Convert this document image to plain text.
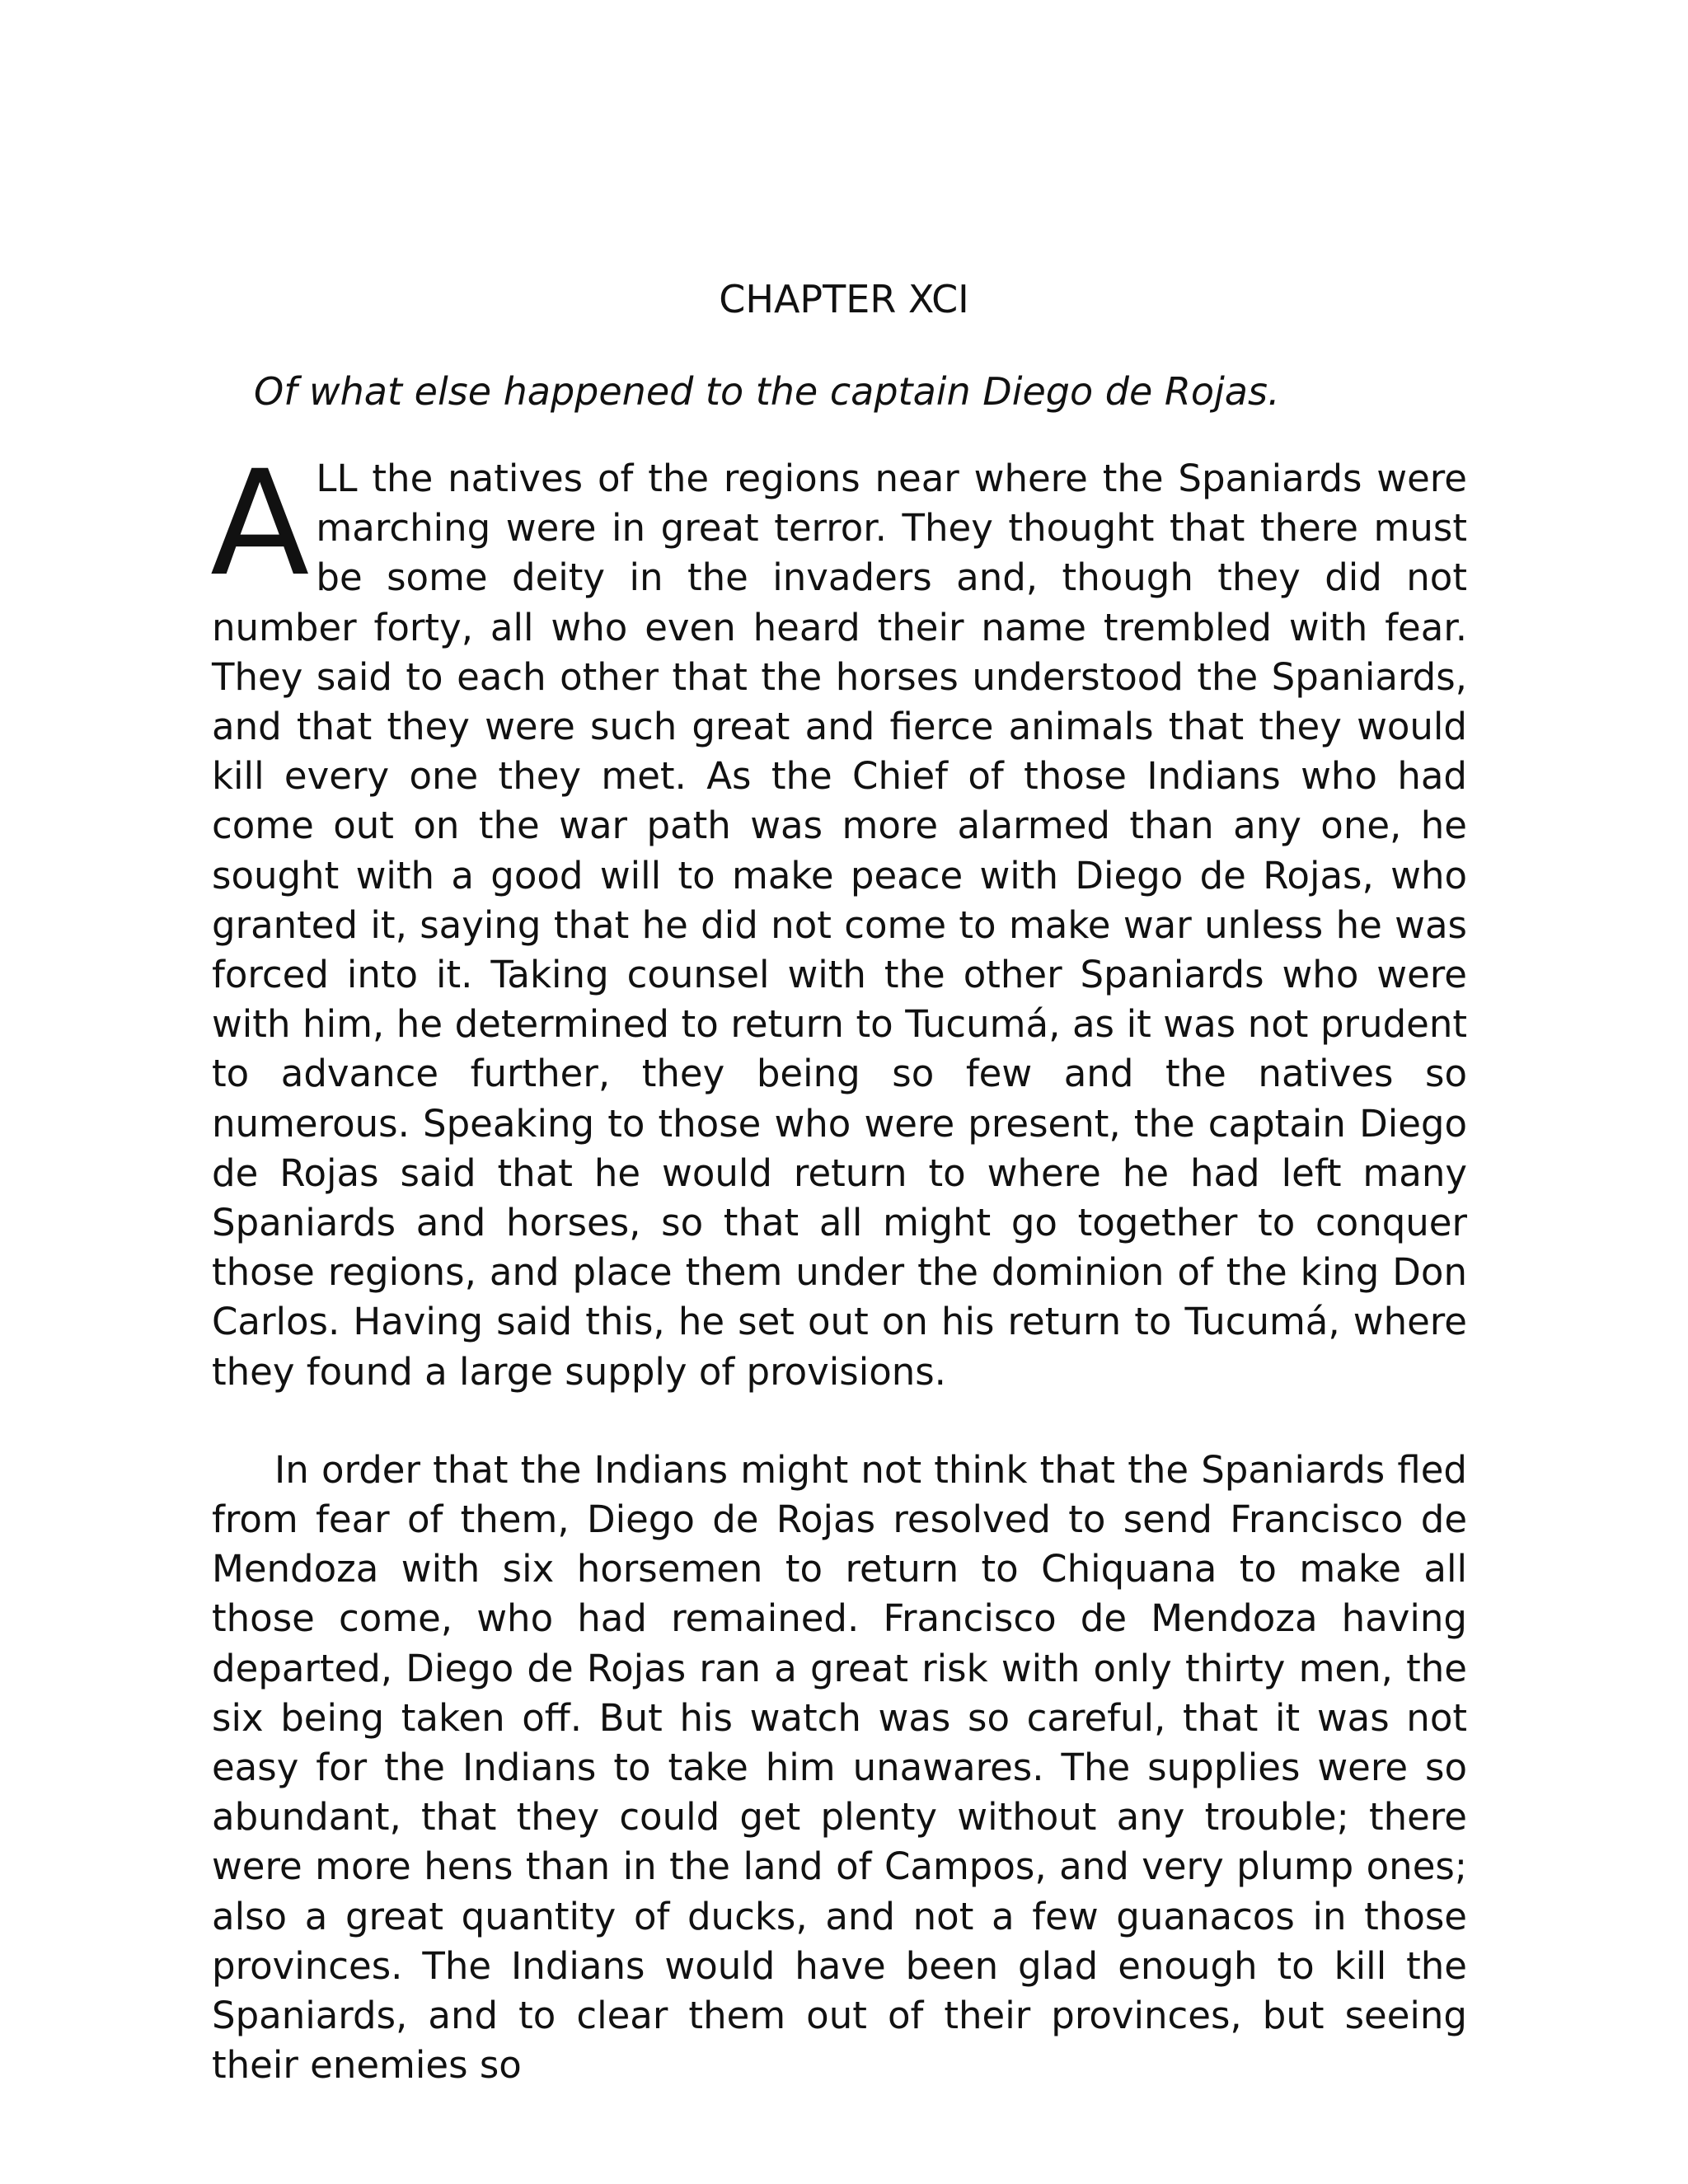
CHAPTER XCI
Of what else happened to the captain Diego de Rojas.

ALL the natives of the regions near where the Spaniards were marching were in great terror. They thought that there must be some deity in the invaders and, though they did not number forty, all who even heard their name trembled with fear. They said to each other that the horses understood the Spaniards, and that they were such great and fierce animals that they would kill every one they met. As the Chief of those Indians who had come out on the war path was more alarmed than any one, he sought with a good will to make peace with Diego de Rojas, who granted it, saying that he did not come to make war unless he was forced into it. Taking counsel with the other Spaniards who were with him, he determined to return to Tucumá, as it was not prudent to advance further, they being so few and the natives so numerous. Speaking to those who were present, the captain Diego de Rojas said that he would return to where he had left many Spaniards and horses, so that all might go together to conquer those regions, and place them under the dominion of the king Don Carlos. Having said this, he set out on his return to Tucumá, where they found a large supply of provisions.

In order that the Indians might not think that the Spaniards fled from fear of them, Diego de Rojas resolved to send Francisco de Mendoza with six horsemen to return to Chiquana to make all those come, who had remained. Francisco de Mendoza having departed, Diego de Rojas ran a great risk with only thirty men, the six being taken off. But his watch was so careful, that it was not easy for the Indians to take him unawares. The supplies were so abundant, that they could get plenty without any trouble; there were more hens than in the land of Campos, and very plump ones; also a great quantity of ducks, and not a few guanacos in those provinces. The Indians would have been glad enough to kill the Spaniards, and to clear them out of their provinces, but seeing their enemies so
